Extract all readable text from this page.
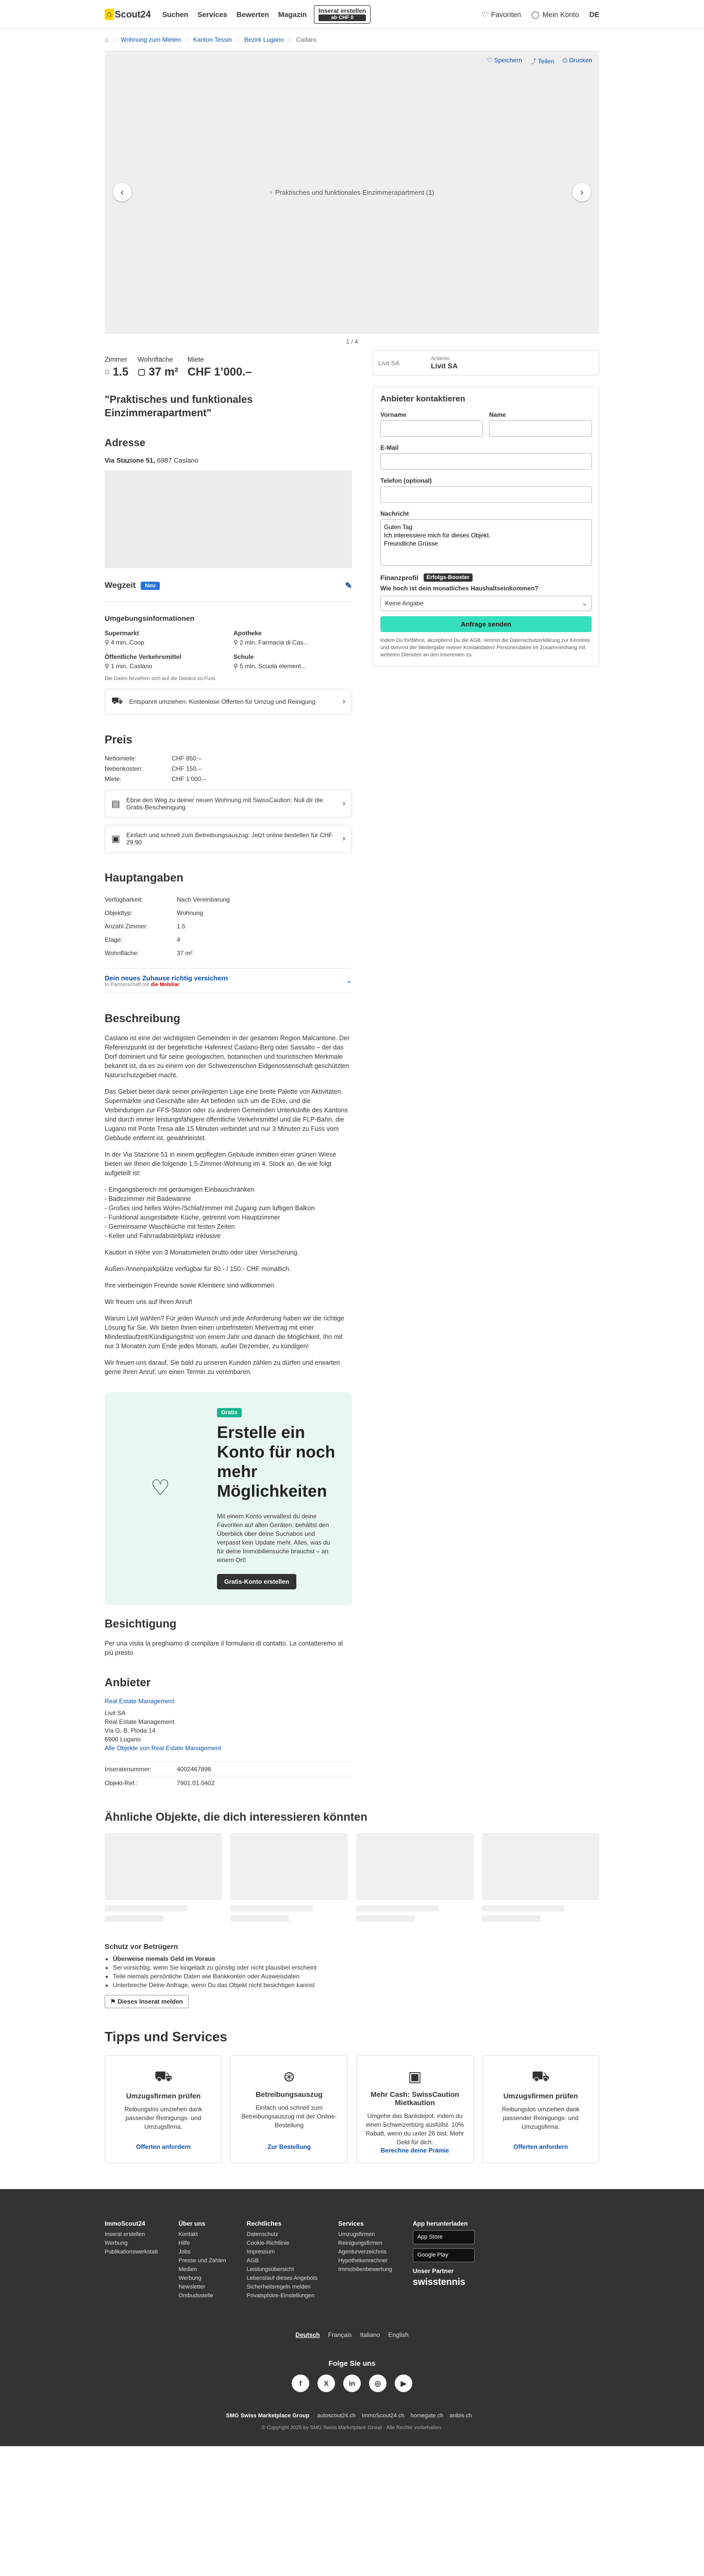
⌂ Scout24 Suchen Services Bewerten Magazin	Inserat erstellen
ab CHF 0	♡ Favoriten ◯ Mein Konto DE
⌂ › Wohnung zum Mieten › Kanton Tessin › Bezirk Lugano › Cadaro
♡ Speichern ⤴ Teilen ⎙ Drucken
‹	▫ Praktisches und funktionales Einzimmerapartment (1)	›
1 / 4
Zimmer
⌂ 1.5
Wohnfläche
▢ 37 m²
Miete
CHF 1’000.–
"Praktisches und funktionales Einzimmerapartment"
Adresse
Via Stazione 51, 6987 Caslano
Wegzeit	Neu	✎
Umgebungsinformationen
Supermarkt
⚲ 4 min, Coop
Apotheke
⚲ 2 min, Farmacia di Cas...
Öffentliche Verkehrsmittel
⚲ 1 min, Caslano
Schule
⚲ 5 min, Scuola element...
Die Daten beziehen sich auf die Distanz zu Fuss
⛟ Entspannt umziehen: Kostenlose Offerten für Umzug und Reinigung	›
Preis
Nettomiete:	CHF 850.–
Nebenkosten:	CHF 150.–
Miete:	CHF 1’000.–
▤ Ebne den Weg zu deiner neuen Wohnung mit SwissCaution: Null dir die Gratis-Bescheinigung	›
▣ Einfach und schnell zum Betreibungsauszug: Jetzt online bestellen für CHF 29.90	›
Hauptangaben
Verfügbarkeit:	Nach Vereinbarung
Objekttyp:	Wohnung
Anzahl Zimmer:	1.5
Etage:	4
Wohnfläche:	37 m²
Dein neues Zuhause richtig versichern
In Partnerschaft mit die Mobiliar
⌄
Beschreibung

Caslano ist eine der wichtigsten Gemeinden in der gesamten Region Malcantone. Der Referenzpunkt ist der begehrtliche Hafenrest Caslano-Berg oder Sassalto – der das Dorf dominiert und für seine geologischen, botanischen und touristischen Merkmale bekannt ist, da es zu einem von der Schweizerischen Eidgenossenschaft geschützten Naturschutzgebiet macht.

Das Gebiet bietet dank seiner privilegierten Lage eine breite Palette von Aktivitäten. Supermärkte und Geschäfte aller Art befinden sich um die Ecke, und die Verbindungen zur FFS-Station oder zu anderen Gemeinden Unterkünfte des Kantons sind durch immer leistungsfähigere öffentliche Verkehrsmittel und die FLP-Bahn, die Lugano mit Ponte Tresa alle 15 Minuten verbindet und nur 3 Minuten zu Fuss vom Gebäude entfernt ist, gewährleistet.

In der Via Stazione 51 in einem gepflegten Gebäude inmitten einer grünen Wiese bieten wir Ihnen die folgende 1,5-Zimmer-Wohnung im 4. Stock an, die wie folgt aufgeteilt ist:

- Eingangsbereich mit geräumigen Einbauschränken
- Badezimmer mit Badewanne
- Großes und helles Wohn-/Schlafzimmer mit Zugang zum luftigen Balkon
- Funktional ausgestattete Küche, getrennt vom Hauptzimmer
- Gemeinsame Waschküche mit festen Zeiten
- Keller und Fahrradabstellplatz inklusive

Kaution in Höhe von 3 Monatsmieten brutto oder über Versicherung.

Außen-/Innenparkplätze verfügbar für 80.- / 150.- CHF monatlich.

Ihre vierbeinigen Freunde sowie Kleintiere sind willkommen.

Wir freuen uns auf Ihren Anruf!

Warum Livit wählen? Für jeden Wunsch und jede Anforderung haben wir die richtige Lösung für Sie. Wir bieten Ihnen einen unbefristeten Mietvertrag mit einer Mindestlaufzeit/Kündigungsfrist von einem Jahr und danach die Möglichkeit, Ihn mit nur 3 Monaten zum Ende jedes Monats, außer Dezember, zu kündigen!

Wir freuen uns darauf, Sie bald zu unseren Kunden zählen zu dürfen und erwarten gerne Ihren Anruf, um einen Termin zu vereinbaren.

Gratis
Erstelle ein Konto für noch mehr Möglichkeiten
♡

Mit einem Konto verwaltest du deine Favoriten auf allen Geräten, behältst den Überblick über deine Suchabos und verpasst kein Update mehr. Alles, was du für deine Immobiliensuche brauchst – an einem Ort!

Gratis-Konto erstellen
Besichtigung
Per una visita la preghiamo di compilare il formulario di contatto. La contatteremo al più presto.
Anbieter
Real Estate Management
Livit SA
Real Estate Management
Via G. B. Pioda 14
6900 Lugano
Alle Objekte von Real Estate Management
Inseratenummer:	4002467896
Objekt-Ref.:	7901.01.0402
Livit SA
Anbieter
Livit SA
Anbieter kontaktieren
Vorname	Name
E-Mail
Telefon (optional)
Nachricht
Guten Tag Ich interessiere mich für dieses Objekt. Freundliche Grüsse
Finanzprofil	Erfolgs-Booster
Wie hoch ist dein monatliches Haushaltseinkommen?
Keine Angabe	⌄
Anfrage senden
Indem Du fortfährst, akzeptierst Du die AGB, nimmst die Datenschutzerklärung zur Kenntnis und stimmst der Weitergabe meiner Kontaktdaten/ Personendaten im Zusammenhang mit weiteren Diensten an den Inserenten zu.
Ähnliche Objekte, die dich interessieren könnten
Schutz vor Betrügern
• Überweise niemals Geld im Voraus
• Sei vorsichtig, wenn Sie kingeladt zu günstig oder nicht plausibel erscheint
• Teile niemals persönliche Daten wie Bankkonten oder Ausweisdaten
• Unterbreche Deine Anfrage, wenn Du das Objekt nicht besichtigen kannst
⚑ Dieses Inserat melden
Tipps und Services
⛟
Umzugsfirmen prüfen

Reibungslos umziehen dank passender Reinigungs- und Umzugsfirma.

Offerten anfordern
⊛
Betreibungsauszug

Einfach und schnell zum Betreibungsauszug mit der Online-Bestellung

Zur Bestellung
▣
Mehr Cash: SwissCaution Mietkaution

Umgehe das Bankdepot, indem du einen Schweizerbürg ausfüllst. 10% Rabatt, wenn du unter 26 bist. Mehr Geld für dich.

Berechne deine Prämie
⛟
Umzugsfirmen prüfen

Reibungslos umziehen dank passender Reinigungs- und Umzugsfirma.

Offerten anfordern
ImmoScout24
Inserat erstellen
Werbung
Publikationswerkstatt
Über uns
Kontakt
Hilfe
Jobs
Presse und Zahlen
Medien
Werbung
Newsletter
Ombudsstelle
Rechtliches
Datenschutz
Cookie-Richtlinie
Impressum
AGB
Leistungsübersicht
Lebenslauf dieses Angebots
Sicherheitsregeln melden
Privatsphäre-Einstellungen
Services
Umzugsfirmen
Reinigungsfirmen
Agenturverzeichnis
Hypothekenrechner
Immobilienbewertung
App herunterladen
App Store
Google Play
Unser Partner
swisstennis
Deutsch Français Italiano English
Folge Sie uns
f	X	in	◎	▶
SMG Swiss Marketplace Group autoscout24.ch ImmoScout24.ch homegate.ch anibis.ch
© Copyright 2025 by SMG Swiss Marketplace Group - Alle Rechte vorbehalten.
